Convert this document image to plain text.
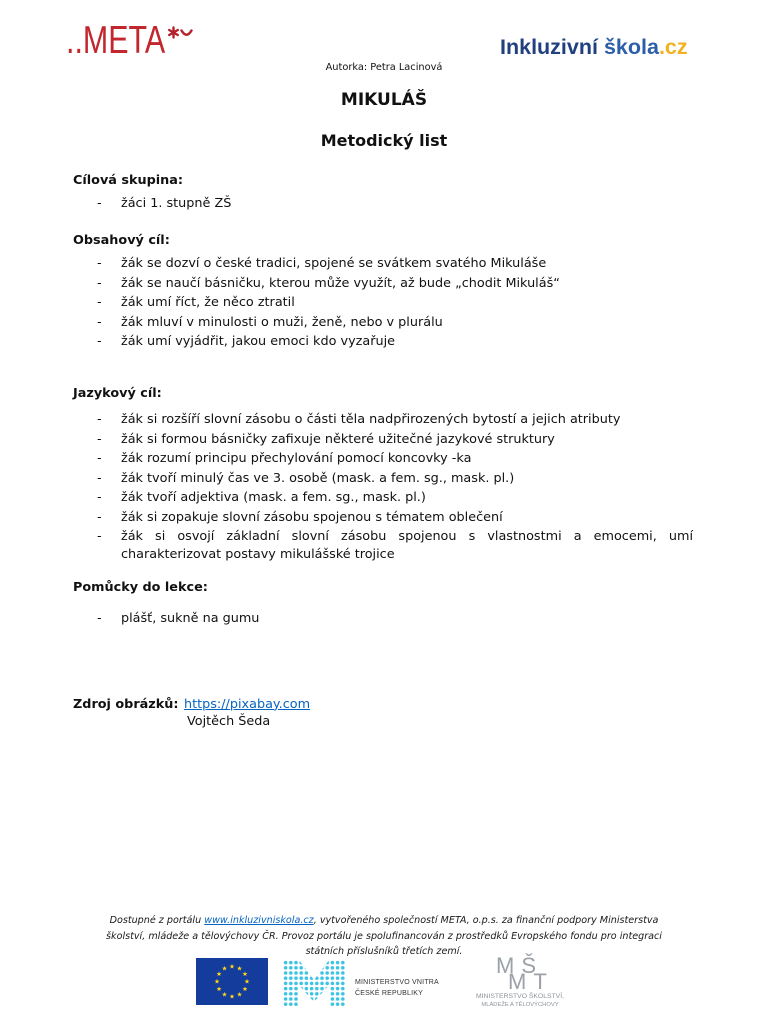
..META	Inkluzivní škola.cz
Autorka: Petra Lacinová
MIKULÁŠ
Metodický list
Cílová skupina:
- žáci 1. stupně ZŠ
Obsahový cíl:
- žák se dozví o české tradici, spojené se svátkem svatého Mikuláše
- žák se naučí básničku, kterou může využít, až bude „chodit Mikuláš“
- žák umí říct, že něco ztratil
- žák mluví v minulosti o muži, ženě, nebo v plurálu
- žák umí vyjádřit, jakou emoci kdo vyzařuje
Jazykový cíl:
- žák si rozšíří slovní zásobu o části těla nadpřirozených bytostí a jejich atributy
- žák si formou básničky zafixuje některé užitečné jazykové struktury
- žák rozumí principu přechylování pomocí koncovky -ka
- žák tvoří minulý čas ve 3. osobě (mask. a fem. sg., mask. pl.)
- žák tvoří adjektiva (mask. a fem. sg., mask. pl.)
- žák si zopakuje slovní zásobu spojenou s tématem oblečení
- žák si osvojí základní slovní zásobu spojenou s vlastnostmi a emocemi, umí charakterizovat postavy mikulášské trojice
Pomůcky do lekce:
- plášť, sukně na gumu
Zdroj obrázků: https://pixabay.com
Vojtěch Šeda
Dostupné z portálu www.inkluzivniskola.cz, vytvořeného společností META, o.p.s. za finanční podpory Ministerstva
školství, mládeže a tělovýchovy ČR. Provoz portálu je spolufinancován z prostředků Evropského fondu pro integraci
státních příslušníků třetích zemí.
MINISTERSTVO VNITRA
ČESKÉ REPUBLIKY
MŠ
MT
MINISTERSTVO ŠKOLSTVÍ,
MLÁDEŽE A TĚLOVÝCHOVY
